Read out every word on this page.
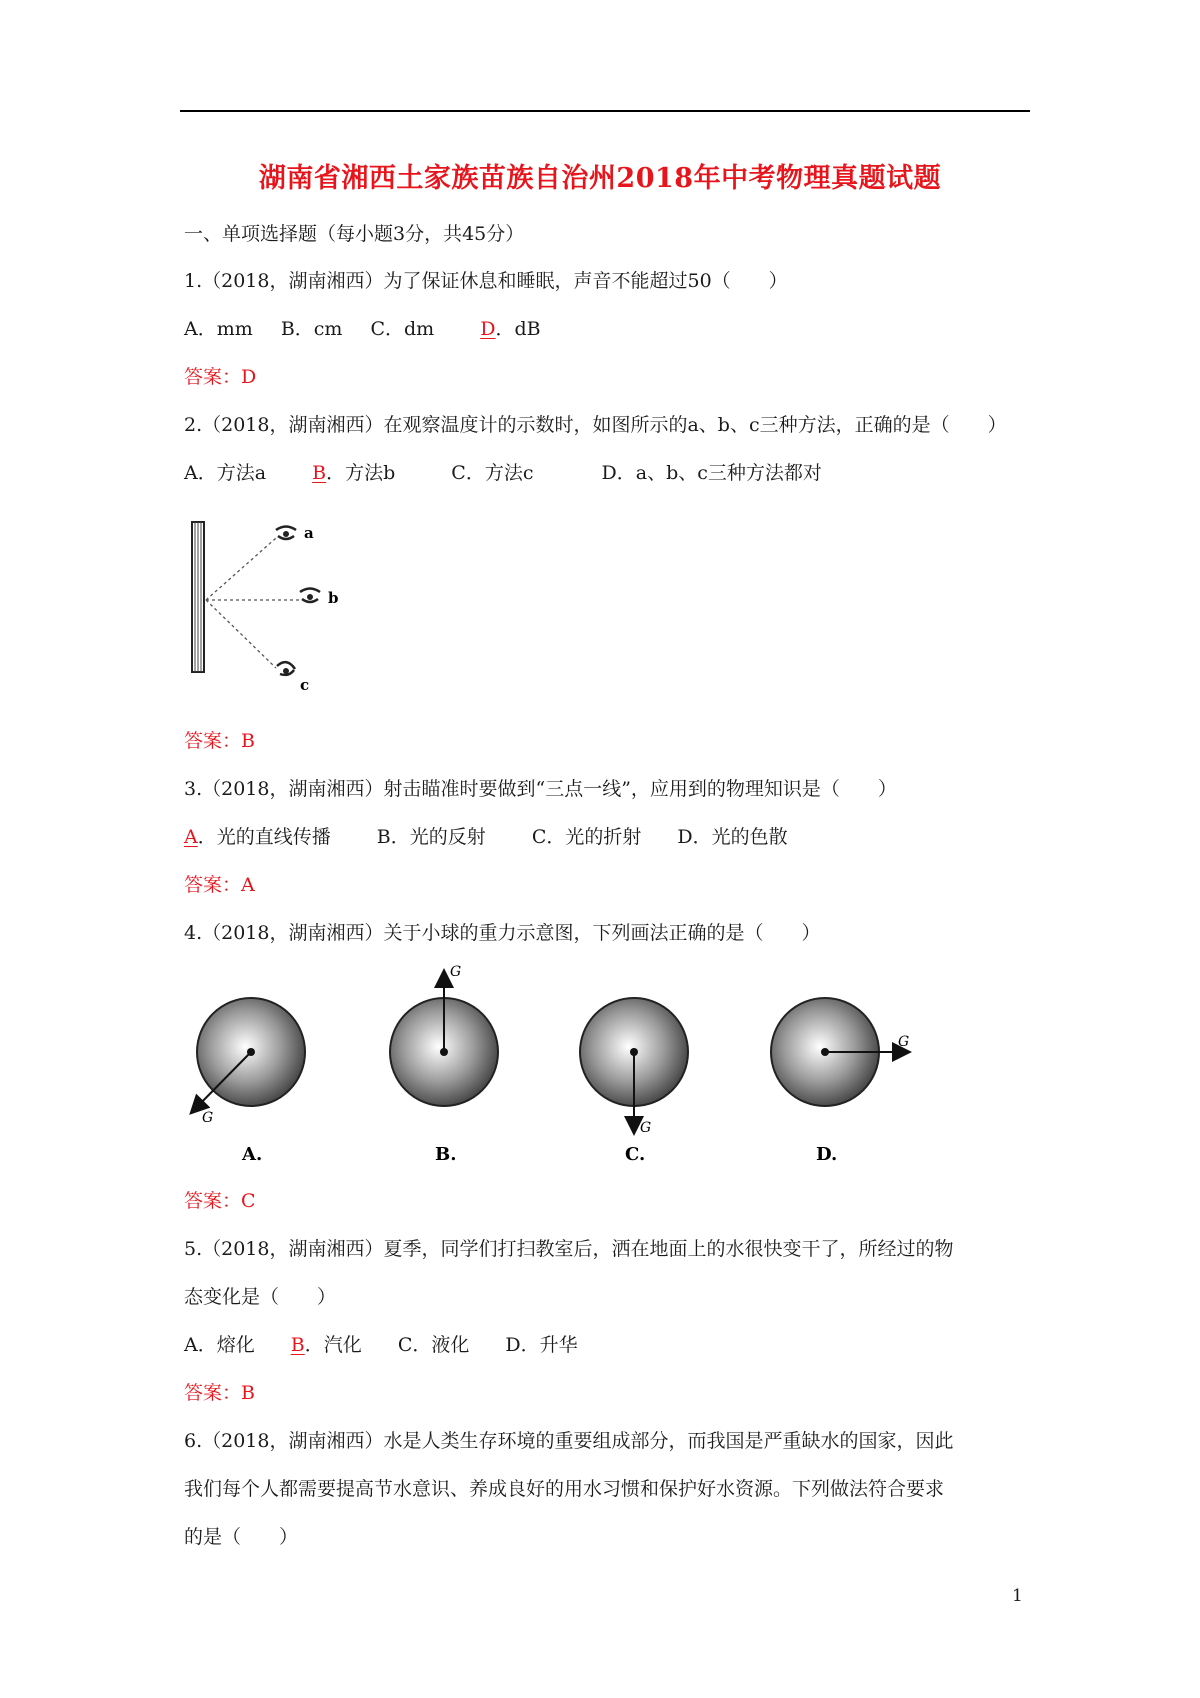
湖南省湘西土家族苗族自治州2018年中考物理真题试题
一、单项选择题（每小题3分，共45分）
1.（2018，湖南湘西）为了保证休息和睡眠，声音不能超过50（　　）
A．mm B．cm C．dm D．dB
答案：D
2.（2018，湖南湘西）在观察温度计的示数时，如图所示的a、b、c三种方法，正确的是（　　）
A．方法a B．方法b	C．方法c	D．a、b、c三种方法都对
a
b
c
答案：B
3.（2018，湖南湘西）射击瞄准时要做到“三点一线”，应用到的物理知识是（　　）
A．光的直线传播 B．光的反射 C．光的折射 D．光的色散
答案：A
4.（2018，湖南湘西）关于小球的重力示意图，下列画法正确的是（　　）
G
G
G
G
A.	B.	C.	D.
答案：C
5.（2018，湖南湘西）夏季，同学们打扫教室后，洒在地面上的水很快变干了，所经过的物
态变化是（　　）
A．熔化 B．汽化 C．液化 D．升华
答案：B
6.（2018，湖南湘西）水是人类生存环境的重要组成部分，而我国是严重缺水的国家，因此
我们每个人都需要提高节水意识、养成良好的用水习惯和保护好水资源。下列做法符合要求
的是（　　）
1
